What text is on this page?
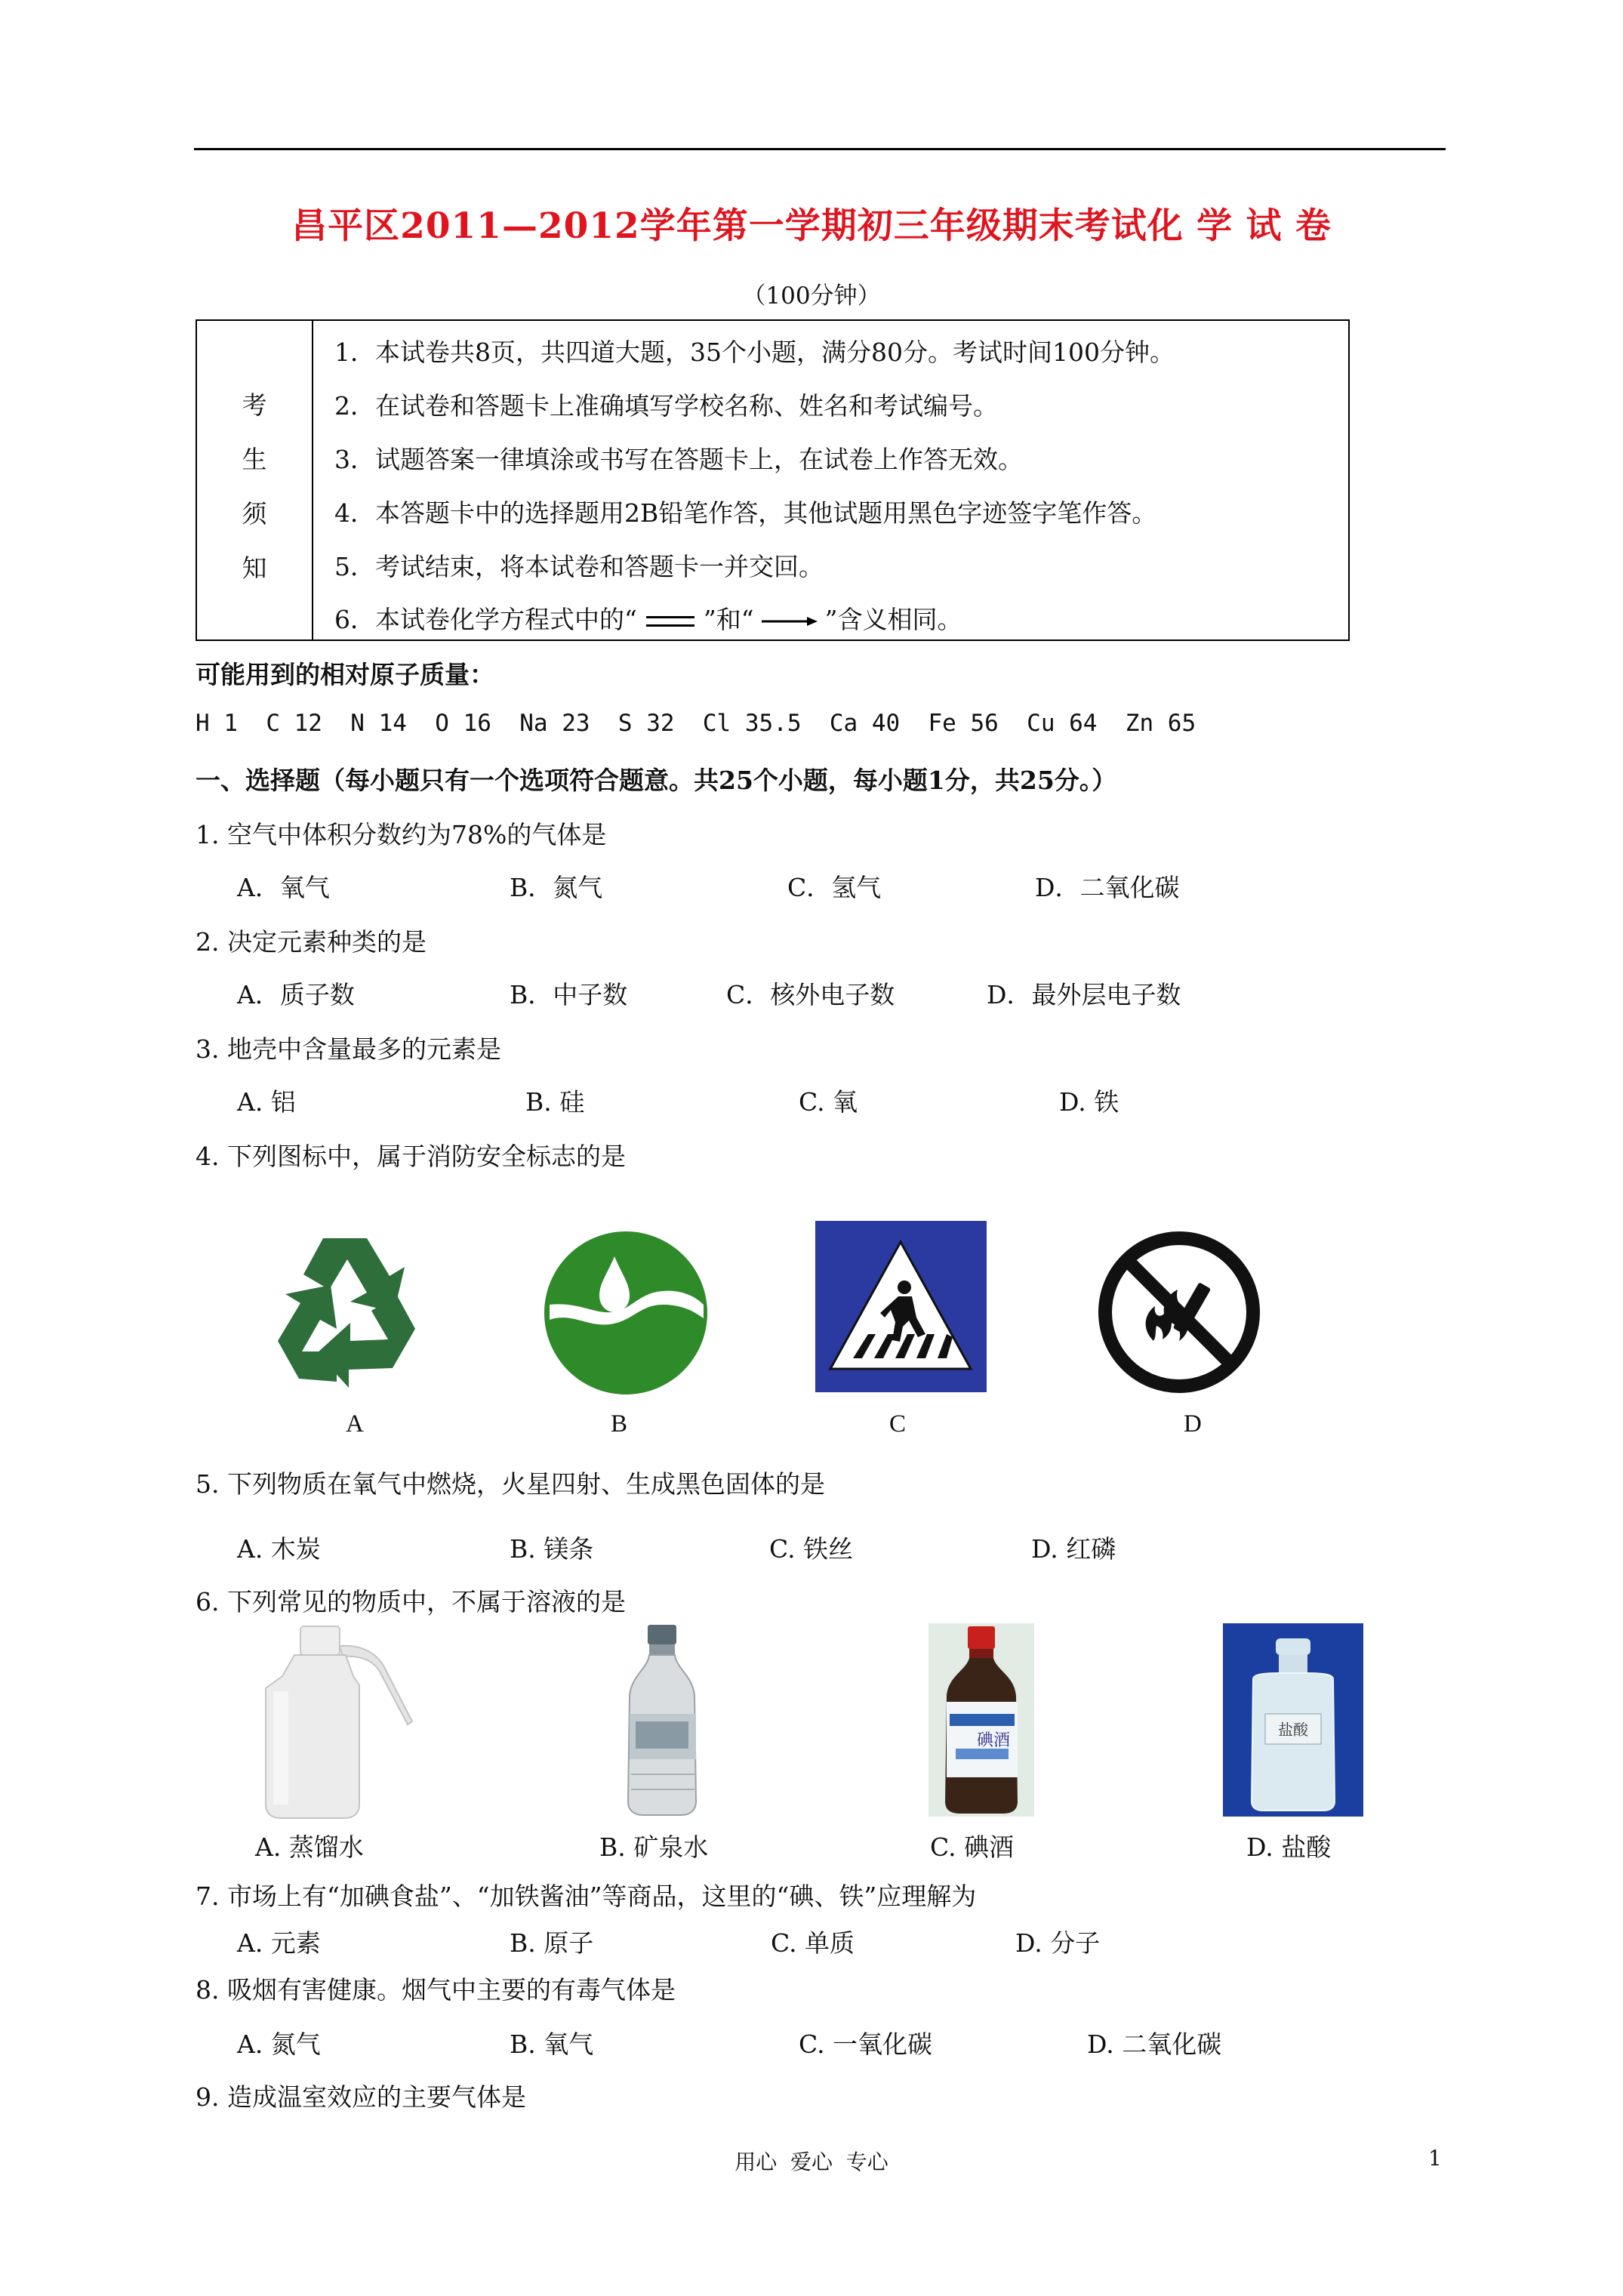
昌平区2011—2012学年第一学期初三年级期末考试化 学 试 卷
（100分钟）
考
生
须
知
1．本试卷共8页，共四道大题，35个小题，满分80分。考试时间100分钟。
2．在试卷和答题卡上准确填写学校名称、姓名和考试编号。
3．试题答案一律填涂或书写在答题卡上，在试卷上作答无效。
4．本答题卡中的选择题用2B铅笔作答，其他试题用黑色字迹签字笔作答。
5．考试结束，将本试卷和答题卡一并交回。
6．本试卷化学方程式中的“	”和“	”含义相同。
可能用到的相对原子质量：
H 1  C 12  N 14  O 16  Na 23  S 32  Cl 35.5  Ca 40  Fe 56  Cu 64  Zn 65
一、选择题（每小题只有一个选项符合题意。共25个小题，每小题1分，共25分。）
1. 空气中体积分数约为78%的气体是
A．氧气	B．氮气	C．氢气	D．二氧化碳
2. 决定元素种类的是
A．质子数	B．中子数	C．核外电子数	D．最外层电子数
3. 地壳中含量最多的元素是
A. 铝	B. 硅	C. 氧	D. 铁
4. 下列图标中，属于消防安全标志的是
A	B	C	D
5. 下列物质在氧气中燃烧，火星四射、生成黑色固体的是
A. 木炭	B. 镁条	C. 铁丝	D. 红磷
6. 下列常见的物质中，不属于溶液的是
A. 蒸馏水	B. 矿泉水
碘酒
C. 碘酒
盐酸
D. 盐酸
7. 市场上有“加碘食盐”、“加铁酱油”等商品，这里的“碘、铁”应理解为
A. 元素	B. 原子	C. 单质	D. 分子
8. 吸烟有害健康。烟气中主要的有毒气体是
A. 氮气	B. 氧气	C. 一氧化碳	D. 二氧化碳
9. 造成温室效应的主要气体是
用心  爱心  专心	1
